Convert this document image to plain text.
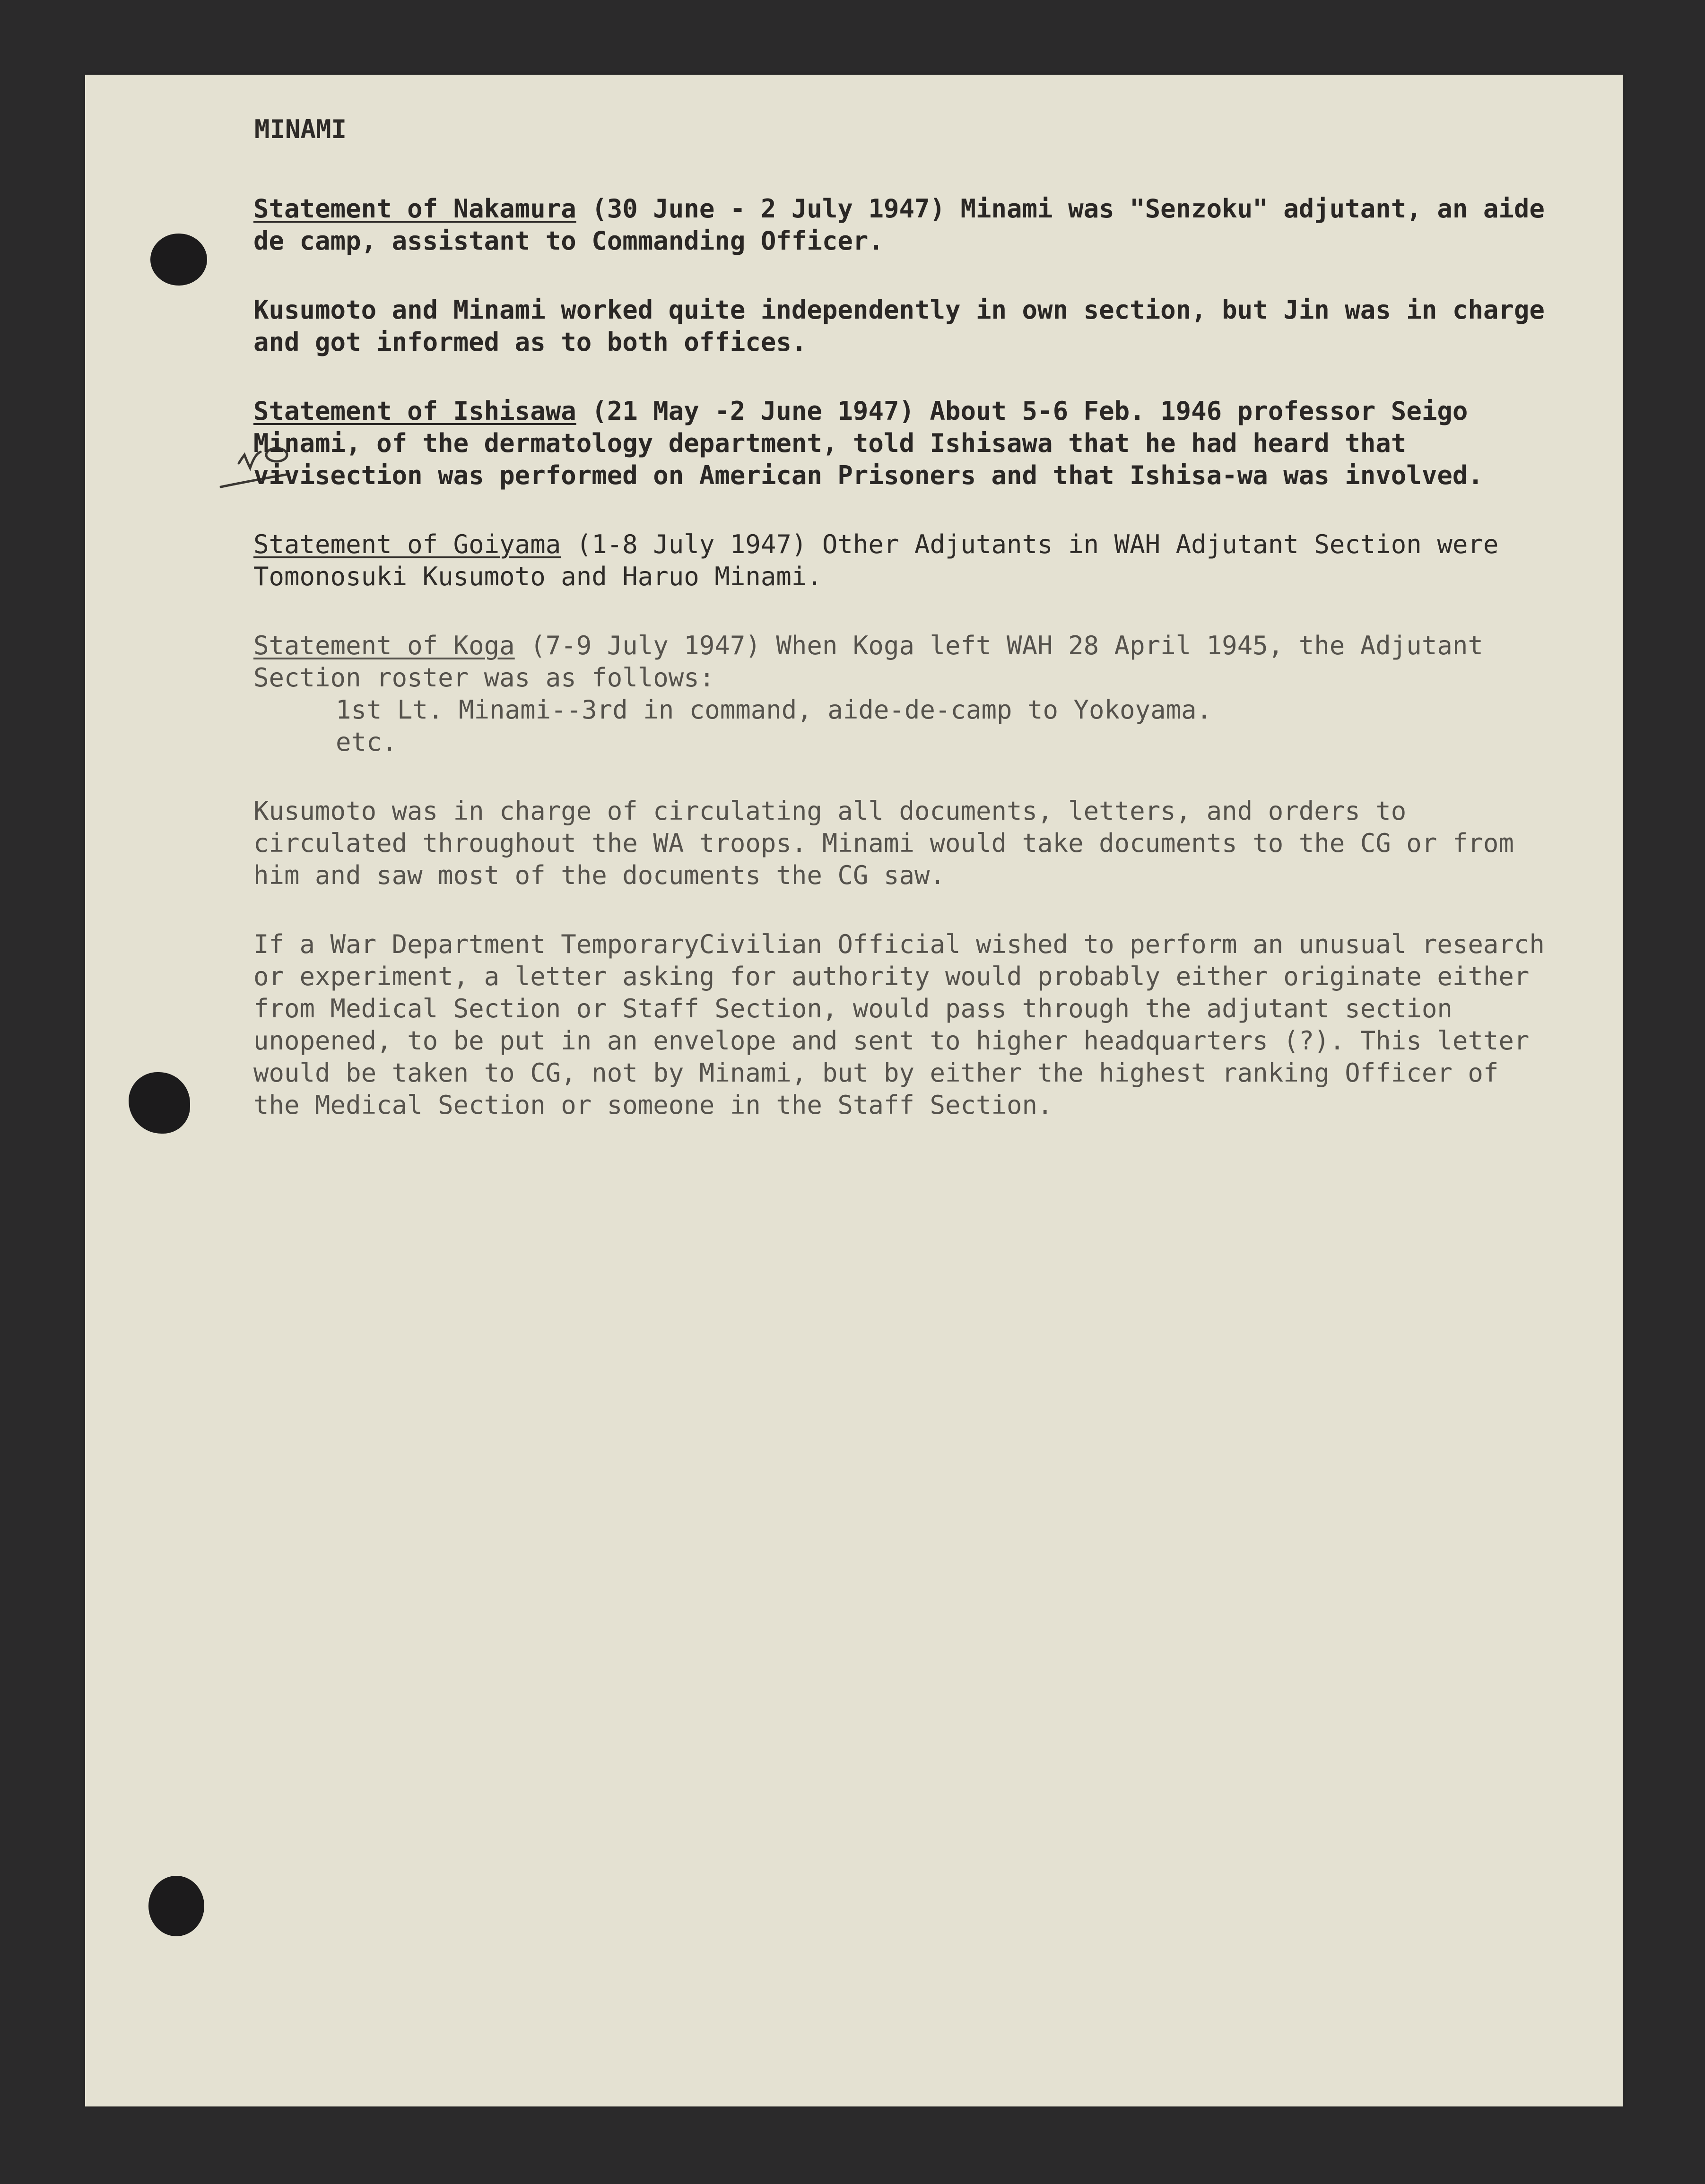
MINAMI

Statement of Nakamura (30 June - 2 July 1947) Minami was "Senzoku" adjutant, an aide de camp, assistant to Commanding Officer.

Kusumoto and Minami worked quite independently in own section, but Jin was in charge and got informed as to both offices.

Statement of Ishisawa (21 May -2 June 1947) About 5-6 Feb. 1946 professor Seigo Minami, of the dermatology department, told Ishisawa that he had heard that vivisection was performed on American Prisoners and that Ishisa-wa was involved.

Statement of Goiyama (1-8 July 1947) Other Adjutants in WAH Adjutant Section were Tomonosuki Kusumoto and Haruo Minami.

Statement of Koga (7-9 July 1947) When Koga left WAH 28 April 1945, the Adjutant Section roster was as follows:
1st Lt. Minami--3rd in command, aide-de-camp to Yokoyama.
etc.

Kusumoto was in charge of circulating all documents, letters, and orders to circulated throughout the WA troops. Minami would take documents to the CG or from him and saw most of the documents the CG saw.

If a War Department TemporaryCivilian Official wished to perform an unusual research or experiment, a letter asking for authority would probably either originate either from Medical Section or Staff Section, would pass through the adjutant section unopened, to be put in an envelope and sent to higher headquarters (?). This letter would be taken to CG, not by Minami, but by either the highest ranking Officer of the Medical Section or someone in the Staff Section.
